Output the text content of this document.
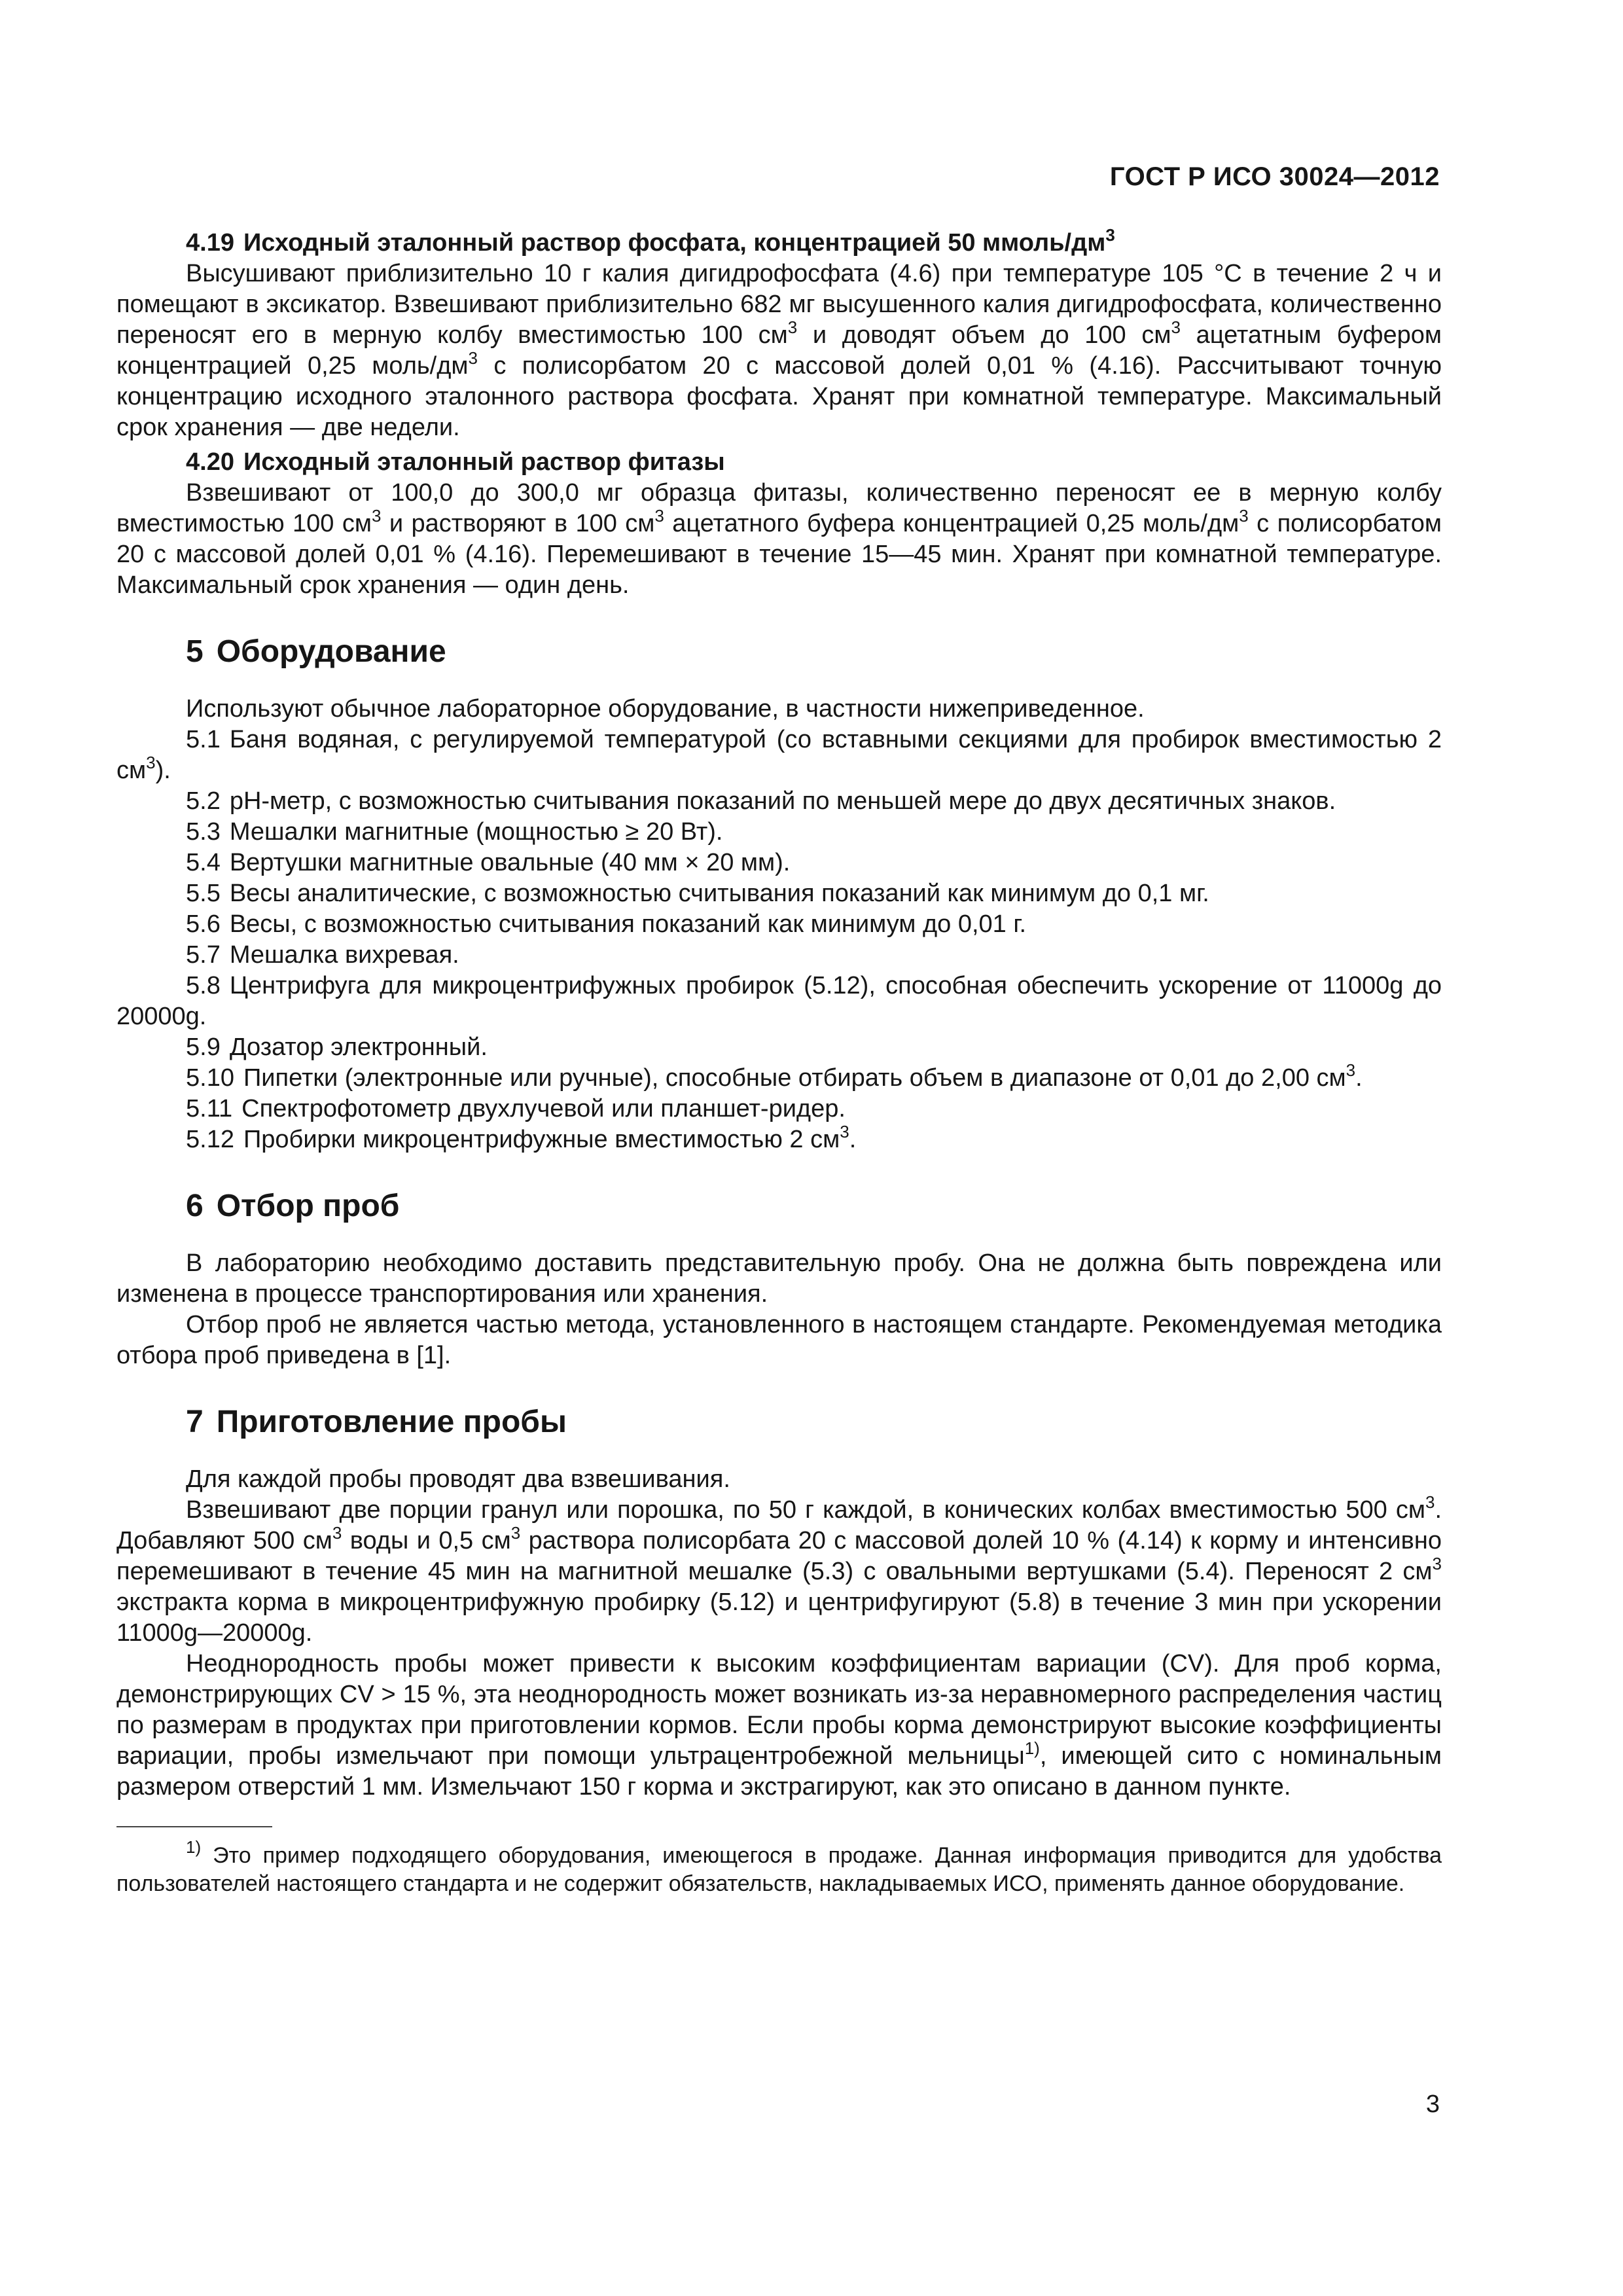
ГОСТ Р ИСО 30024—2012

4.19 Исходный эталонный раствор фосфата, концентрацией 50 ммоль/$дм^3$

Высушивают приблизительно 10 г калия дигидрофосфата (4.6) при температуре 105 °С в течение 2 ч и помещают в эксикатор. Взвешивают приблизительно 682 мг высушенного калия дигидрофосфата, количественно переносят его в мерную колбу вместимостью 100 $см^3$ и доводят объем до 100 $см^3$ ацетатным буфером концентрацией 0,25 моль/$дм^3$ с полисорбатом 20 с массовой долей 0,01 % (4.16). Рассчитывают точную концентрацию исходного эталонного раствора фосфата. Хранят при комнатной температуре. Максимальный срок хранения — две недели.

4.20 Исходный эталонный раствор фитазы

Взвешивают от 100,0 до 300,0 мг образца фитазы, количественно переносят ее в мерную колбу вместимостью 100 $см^3$ и растворяют в 100 $см^3$ ацетатного буфера концентрацией 0,25 моль/$дм^3$ с полисорбатом 20 с массовой долей 0,01 % (4.16). Перемешивают в течение 15—45 мин. Хранят при комнатной температуре. Максимальный срок хранения — один день.

5 Оборудование

Используют обычное лабораторное оборудование, в частности нижеприведенное.

5.1 Баня водяная, с регулируемой температурой (со вставными секциями для пробирок вместимостью 2 $см^3$).

5.2 рН-метр, с возможностью считывания показаний по меньшей мере до двух десятичных знаков.

5.3 Мешалки магнитные (мощностью ≥ 20 Вт).

5.4 Вертушки магнитные овальные (40 мм × 20 мм).

5.5 Весы аналитические, с возможностью считывания показаний как минимум до 0,1 мг.

5.6 Весы, с возможностью считывания показаний как минимум до 0,01 г.

5.7 Мешалка вихревая.

5.8 Центрифуга для микроцентрифужных пробирок (5.12), способная обеспечить ускорение от 11000g до 20000g.

5.9 Дозатор электронный.

5.10 Пипетки (электронные или ручные), способные отбирать объем в диапазоне от 0,01 до 2,00 $см^3$.

5.11 Спектрофотометр двухлучевой или планшет-ридер.

5.12 Пробирки микроцентрифужные вместимостью 2 $см^3$.

6 Отбор проб

В лабораторию необходимо доставить представительную пробу. Она не должна быть повреждена или изменена в процессе транспортирования или хранения.

Отбор проб не является частью метода, установленного в настоящем стандарте. Рекомендуемая методика отбора проб приведена в [1].

7 Приготовление пробы

Для каждой пробы проводят два взвешивания.

Взвешивают две порции гранул или порошка, по 50 г каждой, в конических колбах вместимостью 500 $см^3$. Добавляют 500 $см^3$ воды и 0,5 $см^3$ раствора полисорбата 20 с массовой долей 10 % (4.14) к корму и интенсивно перемешивают в течение 45 мин на магнитной мешалке (5.3) с овальными вертушками (5.4). Переносят 2 $см^3$ экстракта корма в микроцентрифужную пробирку (5.12) и центрифугируют (5.8) в течение 3 мин при ускорении 11000g—20000g.

Неоднородность пробы может привести к высоким коэффициентам вариации (CV). Для проб корма, демонстрирующих CV > 15 %, эта неоднородность может возникать из-за неравномерного распределения частиц по размерам в продуктах при приготовлении кормов. Если пробы корма демонстрируют высокие коэффициенты вариации, пробы измельчают при помощи ультрацентробежной мельницы$^{1)}$, имеющей сито с номинальным размером отверстий 1 мм. Измельчают 150 г корма и экстрагируют, как это описано в данном пункте.

$^{1)}$ Это пример подходящего оборудования, имеющегося в продаже. Данная информация приводится для удобства пользователей настоящего стандарта и не содержит обязательств, накладываемых ИСО, применять данное оборудование.

3
